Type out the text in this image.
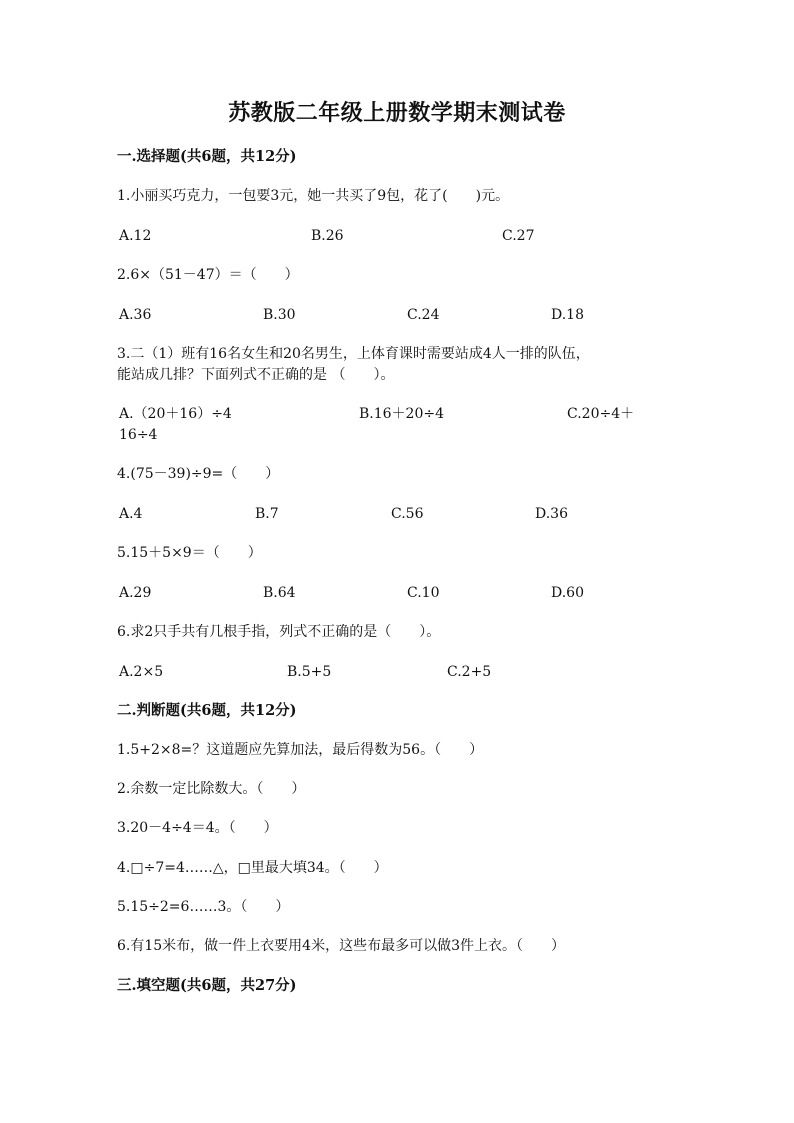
苏教版二年级上册数学期末测试卷
一.选择题(共6题，共12分)
1.小丽买巧克力，一包要3元，她一共买了9包，花了(　　)元。
A.12	B.26	C.27
2.6×（51－47）＝（　　）
A.36	B.30	C.24	D.18
3.二（1）班有16名女生和20名男生，上体育课时需要站成4人一排的队伍，
能站成几排？下面列式不正确的是 （　　）。
A.（20＋16）÷4	B.16＋20÷4	C.20÷4＋
16÷4
4.(75－39)÷9=（　　）
A.4	B.7	C.56	D.36
5.15＋5×9＝（　　）
A.29	B.64	C.10	D.60
6.求2只手共有几根手指，列式不正确的是（　　）。
A.2×5	B.5+5	C.2+5
二.判断题(共6题，共12分)
1.5+2×8=？这道题应先算加法，最后得数为56。（　　）
2.余数一定比除数大。（　　）
3.20－4÷4＝4。（　　）
4.□÷7=4……△，□里最大填34。（　　）
5.15÷2=6……3。（　　）
6.有15米布，做一件上衣要用4米，这些布最多可以做3件上衣。（　　）
三.填空题(共6题，共27分)
